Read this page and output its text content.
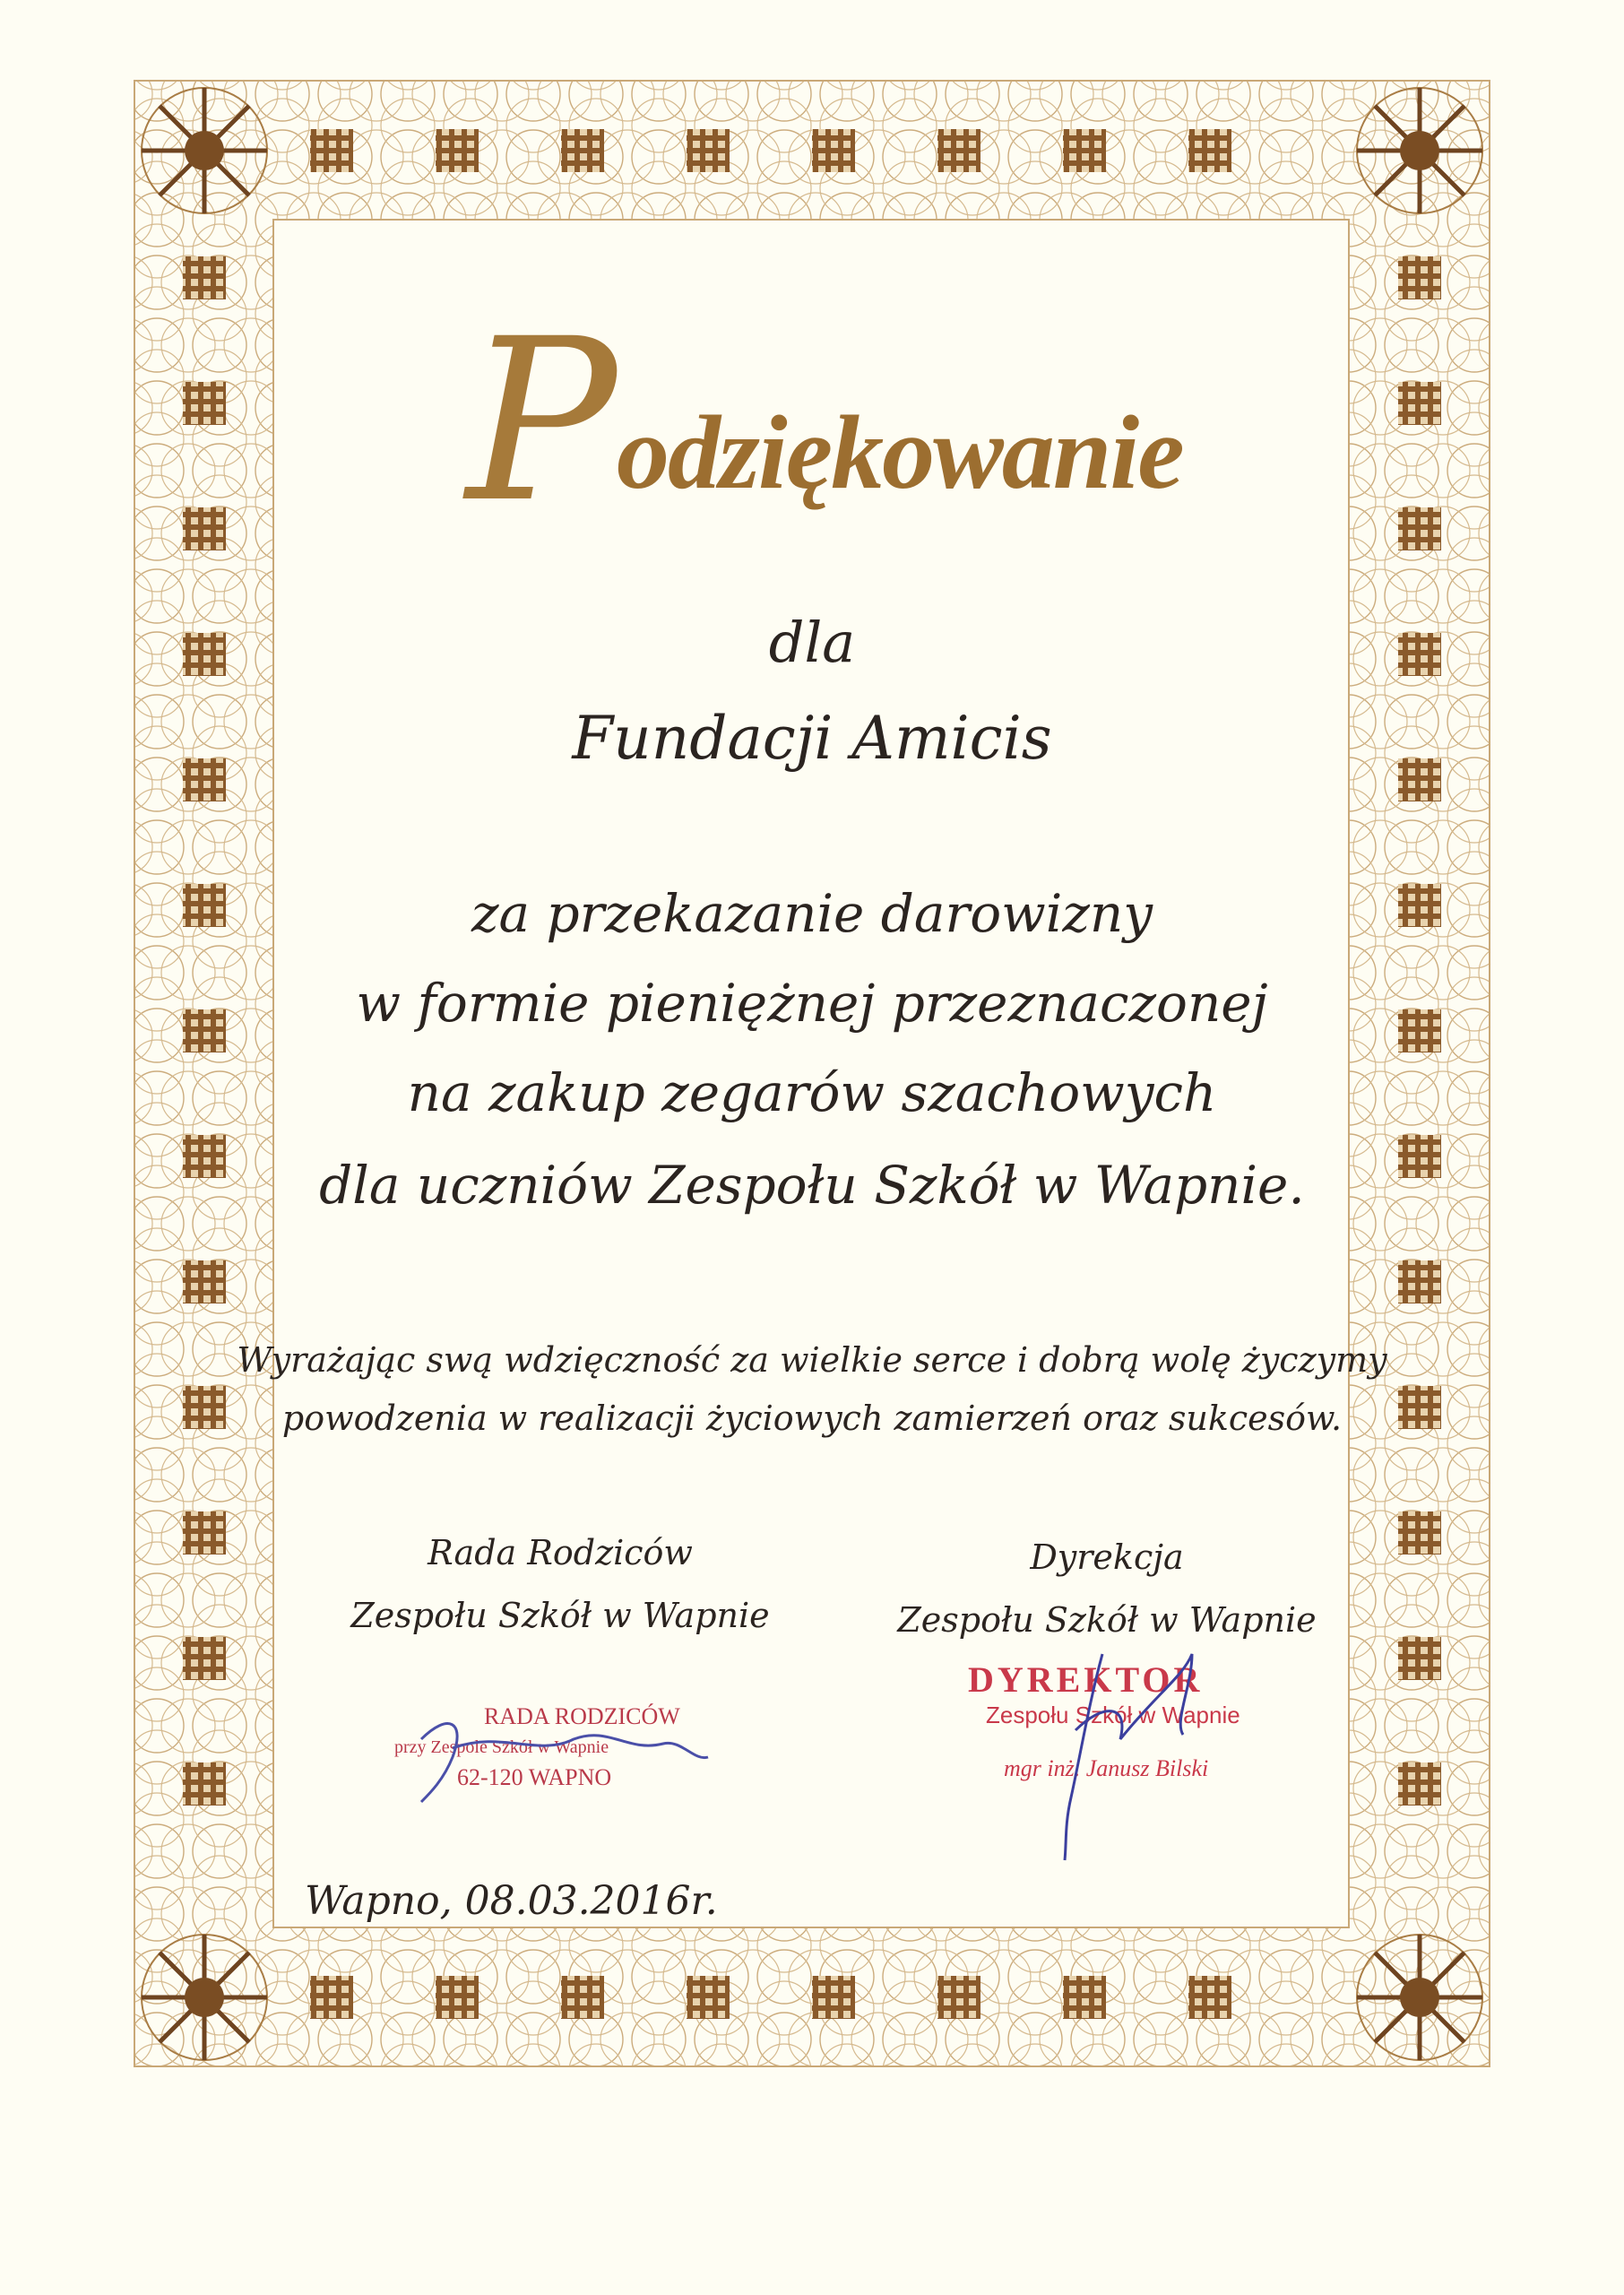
P odziękowanie
dla
Fundacji Amicis
za przekazanie darowizny
w formie pieniężnej przeznaczonej
na zakup zegarów szachowych
dla uczniów Zespołu Szkół w Wapnie.
Wyrażając swą wdzięczność za wielkie serce i dobrą wolę życzymy
powodzenia w realizacji życiowych zamierzeń oraz sukcesów.
Rada Rodziców
Zespołu Szkół w Wapnie
Dyrekcja
Zespołu Szkół w Wapnie
RADA RODZICÓW
przy Zespole Szkół w Wapnie
62-120 WAPNO
DYREKTOR
Zespołu Szkół w Wapnie
mgr inż. Janusz Bilski
Wapno, 08.03.2016r.
